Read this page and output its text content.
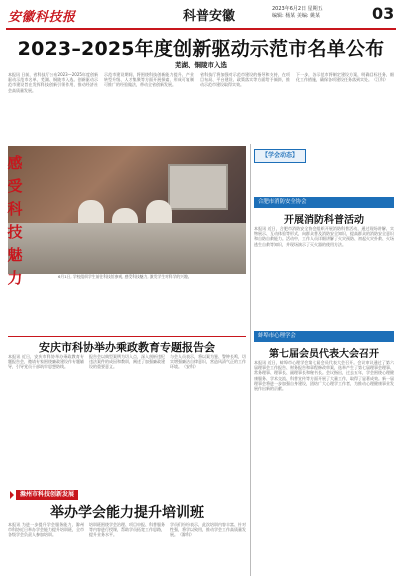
安徽科技报	科普安徽	2023年6月2日 星期五
编辑: 杨某 美编: 姚某	03
2023–2025年度创新驱动示范市名单公布
芜湖、铜陵市入选
本报讯 日前，省科技厅公布2023—2025年度创新驱动示范市名单，芜湖、铜陵市入选。创新驱动示范市建设旨在发挥科技创新引领作用，推动经济社会高质量发展。
示范市建设期间，将围绕科技创新能力提升、产业转型升级、人才集聚等方面开展探索，形成可复制可推广的经验做法，带动全省创新发展。
省科技厅将加强对示范市建设的指导和支持，在项目布局、平台建设、政策落实等方面给予倾斜，推动示范市建设取得实效。
下一步，各示范市将制定建设方案，明确目标任务，细化工作措施，确保各项建设任务落到实处。（江科）
感
受
科
技
魅
力	6月1日, 学校组织学生前往科技馆参观, 感受科技魅力, 激发学生对科学的兴趣。
【学会动态】
合肥市消防安全协会
开展消防科普活动
本报讯 近日，合肥市消防安全协会组织开展消防科普活动，通过现场讲解、实物展示、互动体验等形式，向群众普及消防安全知识，提高群众的消防安全意识和自防自救能力。活动中，工作人员详细讲解了火灾预防、初起火灾扑救、火场逃生自救等知识，并现场演示了灭火器的使用方法。
蚌埠市心理学会
第七届会员代表大会召开
本报讯 近日，蚌埠市心理学会第七届会员代表大会召开。会议审议通过了第六届理事会工作报告、财务报告和章程修改草案，选举产生了第七届理事会理事、常务理事、理事长、副理事长和秘书长。会议指出，过去五年，学会围绕心理健康服务、学术交流、科普宣传等方面开展了大量工作，取得了显著成效。新一届理事会将进一步加强自身建设，团结广大心理学工作者，为推动心理健康事业发展作出新的贡献。
安庆市科协举办乘政教育专题报告会
本报讯 近日，安庆市科协举办乘政教育专题报告会，邀请专家围绕廉政建设作专题辅导，引导党员干部筑牢思想防线。
报告会以典型案例为切入点，深入剖析违纪违法案件的成因和教训，阐述了加强廉政建设的重要意义。
与会人员表示，将以案为鉴、警钟长鸣，切实增强廉洁自律意识，营造风清气正的工作环境。（安科）
滁州市科技创新发展
举办学会能力提升培训班
本报讯 为进一步提升学会服务能力，滁州市科协近日举办学会能力提升培训班，全市各级学会负责人参加培训。
培训班围绕学会治理、项目申报、科普服务等内容进行授课，帮助学员拓宽工作思路，提升业务水平。
学员们纷纷表示，此次培训内容丰富、针对性强，将学以致用，推动学会工作高质量发展。（滁科）
